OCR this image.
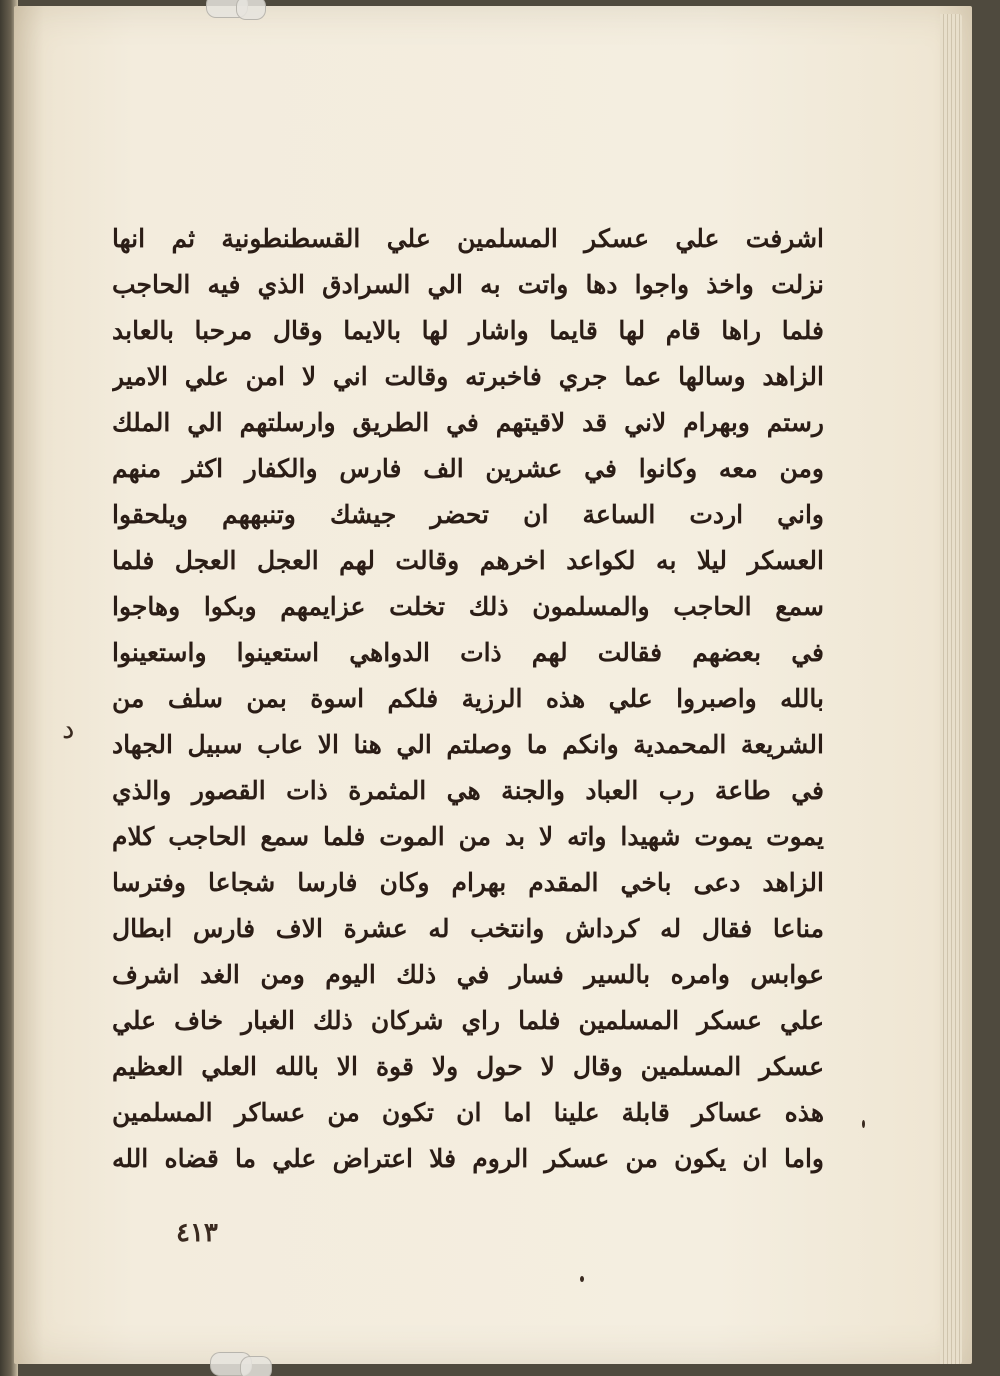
اشرفت علي عسكر المسلمين علي القسطنطونية ثم انها
نزلت واخذ واجوا دها واتت به الي السرادق الذي فيه الحاجب
فلما راها قام لها قايما واشار لها بالايما وقال مرحبا بالعابد
الزاهد وسالها عما جري فاخبرته وقالت اني لا امن علي الامير
رستم وبهرام لاني قد لاقيتهم في الطريق وارسلتهم الي الملك
ومن معه وكانوا في عشرين الف فارس والكفار اكثر منهم
واني اردت الساعة ان تحضر جيشك وتنبههم ويلحقوا
العسكر ليلا به لكواعد اخرهم وقالت لهم العجل العجل فلما
سمع الحاجب والمسلمون ذلك تخلت عزايمهم وبكوا وهاجوا
في بعضهم فقالت لهم ذات الدواهي استعينوا واستعينوا
بالله واصبروا علي هذه الرزية فلكم اسوة بمن سلف من
الشريعة المحمدية وانكم ما وصلتم الي هنا الا عاب سبيل الجهاد
في طاعة رب العباد والجنة هي المثمرة ذات القصور والذي
يموت يموت شهيدا واته لا بد من الموت فلما سمع الحاجب كلام
الزاهد دعى باخي المقدم بهرام وكان فارسا شجاعا وفترسا
مناعا فقال له كرداش وانتخب له عشرة الاف فارس ابطال
عوابس وامره بالسير فسار في ذلك اليوم ومن الغد اشرف
علي عسكر المسلمين فلما راي شركان ذلك الغبار خاف علي
عسكر المسلمين وقال لا حول ولا قوة الا بالله العلي العظيم
هذه عساكر قابلة علينا اما ان تكون من عساكر المسلمين
واما ان يكون من عسكر الروم فلا اعتراض علي ما قضاه الله
د
٤١٣
